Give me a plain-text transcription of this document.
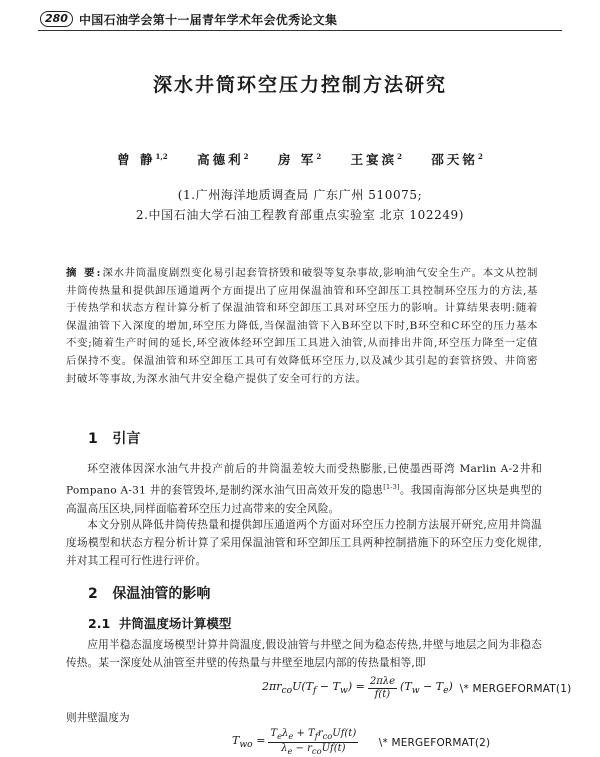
280 中国石油学会第十一届青年学术年会优秀论文集
深水井筒环空压力控制方法研究
曾 静$^{1,2}$ 高德利$^2$ 房 军$^2$ 王宴滨$^2$ 邵天铭$^2$
(1.广州海洋地质调查局 广东广州 510075;
2.中国石油大学石油工程教育部重点实验室 北京 102249)
摘 要:深水井筒温度剧烈变化易引起套管挤毁和破裂等复杂事故,影响油气安全生产。本文从控制井筒传热量和提供卸压通道两个方面提出了应用保温油管和环空卸压工具控制环空压力的方法,基于传热学和状态方程计算分析了保温油管和环空卸压工具对环空压力的影响。计算结果表明:随着保温油管下入深度的增加,环空压力降低,当保温油管下入B环空以下时,B环空和C环空的压力基本不变;随着生产时间的延长,环空液体经环空卸压工具进入油管,从而排出井筒,环空压力降至一定值后保持不变。保温油管和环空卸压工具可有效降低环空压力,以及减少其引起的套管挤毁、井筒密封破坏等事故,为深水油气井安全稳产提供了安全可行的方法。
1 引言
环空液体因深水油气井投产前后的井筒温差较大而受热膨胀,已使墨西哥湾 Marlin A-2井和 Pompano A-31 井的套管毁坏,是制约深水油气田高效开发的隐患[1-3]。我国南海部分区块是典型的高温高压区块,同样面临着环空压力过高带来的安全风险。
本文分别从降低井筒传热量和提供卸压通道两个方面对环空压力控制方法展开研究,应用井筒温度场模型和状态方程分析计算了采用保温油管和环空卸压工具两种控制措施下的环空压力变化规律,并对其工程可行性进行评价。
2 保温油管的影响
2.1 井筒温度场计算模型
应用半稳态温度场模型计算井筒温度,假设油管与井壁之间为稳态传热,井壁与地层之间为非稳态传热。某一深度处从油管至井壁的传热量与井壁至地层内部的传热量相等,即
$2\pi r_{co}U(T_f - T_w) = \frac{\text{2πλe}}{f(t)} (T_w - T_e)$
\* MERGEFORMAT(1)
则井壁温度为
$T_{wo} = \frac{T_e\lambda_e + T_fr_{co}Uf(t)}{\lambda_e - r_{co}Uf(t)}$
\* MERGEFORMAT(2)
